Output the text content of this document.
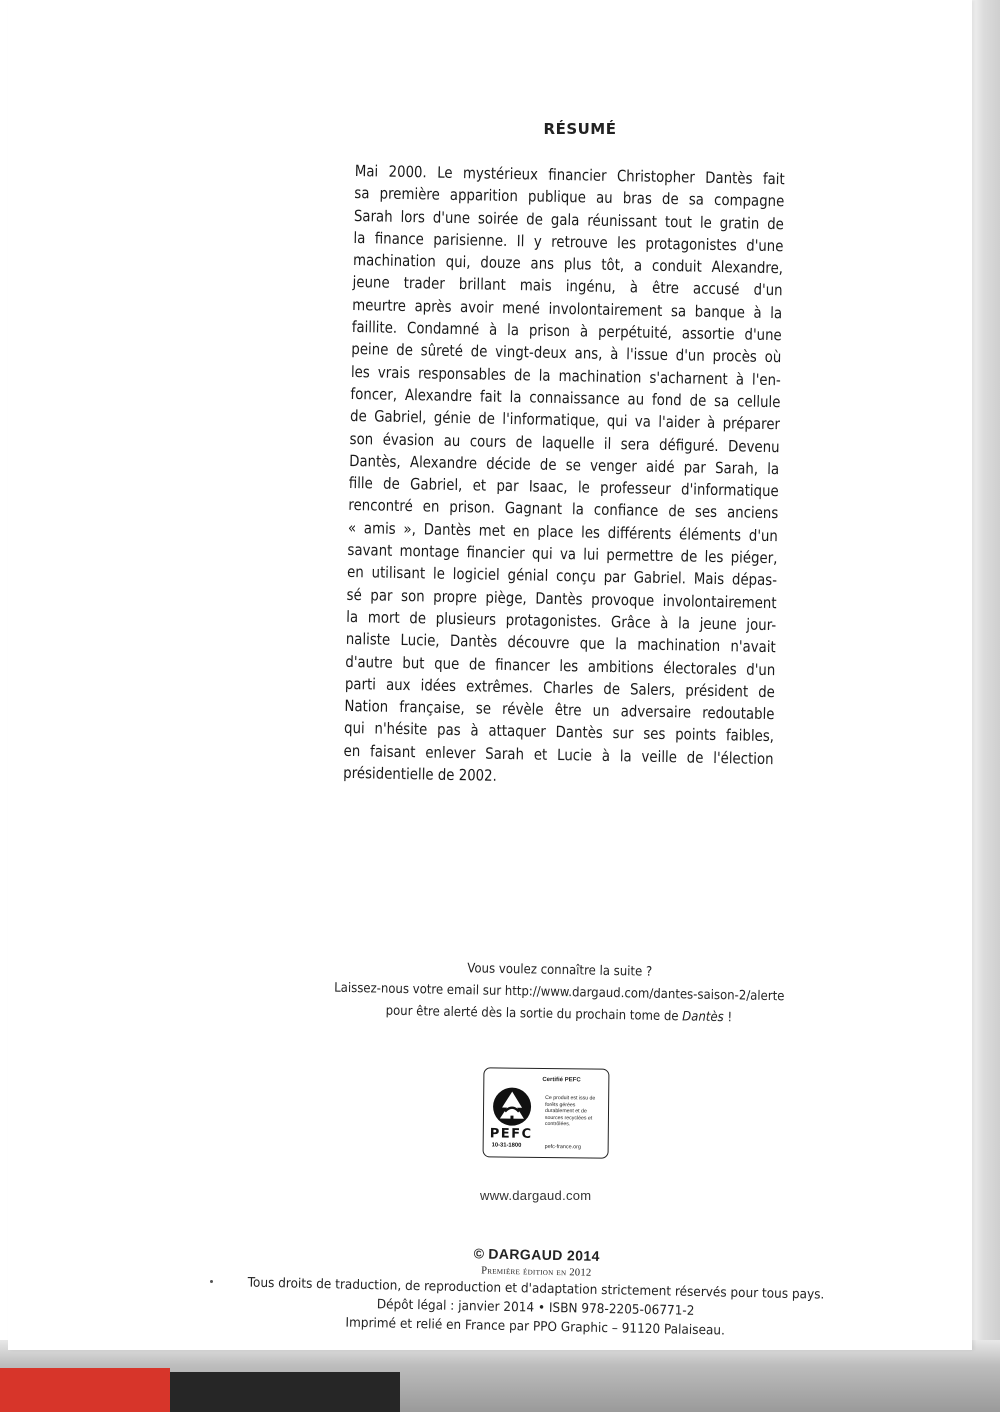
RÉSUMÉ
Mai 2000. Le mystérieux financier Christopher Dantès fait
sa première apparition publique au bras de sa compagne
Sarah lors d'une soirée de gala réunissant tout le gratin de
la finance parisienne. Il y retrouve les protagonistes d'une
machination qui, douze ans plus tôt, a conduit Alexandre,
jeune trader brillant mais ingénu, à être accusé d'un
meurtre après avoir mené involontairement sa banque à la
faillite. Condamné à la prison à perpétuité, assortie d'une
peine de sûreté de vingt-deux ans, à l'issue d'un procès où
les vrais responsables de la machination s'acharnent à l'en-
foncer, Alexandre fait la connaissance au fond de sa cellule
de Gabriel, génie de l'informatique, qui va l'aider à préparer
son évasion au cours de laquelle il sera défiguré. Devenu
Dantès, Alexandre décide de se venger aidé par Sarah, la
fille de Gabriel, et par Isaac, le professeur d'informatique
rencontré en prison. Gagnant la confiance de ses anciens
« amis », Dantès met en place les différents éléments d'un
savant montage financier qui va lui permettre de les piéger,
en utilisant le logiciel génial conçu par Gabriel. Mais dépas-
sé par son propre piège, Dantès provoque involontairement
la mort de plusieurs protagonistes. Grâce à la jeune jour-
naliste Lucie, Dantès découvre que la machination n'avait
d'autre but que de financer les ambitions électorales d'un
parti aux idées extrêmes. Charles de Salers, président de
Nation française, se révèle être un adversaire redoutable
qui n'hésite pas à attaquer Dantès sur ses points faibles,
en faisant enlever Sarah et Lucie à la veille de l'élection
présidentielle de 2002.
Vous voulez connaître la suite ?
Laissez-nous votre email sur http://www.dargaud.com/dantes-saison-2/alerte
pour être alerté dès la sortie du prochain tome de Dantès !
Certifié PEFC
PEFC
10-31-1800
Ce produit est issu de forêts gérées durablement et de sources recyclées et contrôlées.
pefc-france.org
www.dargaud.com
© DARGAUD 2014
Première édition en 2012
Tous droits de traduction, de reproduction et d'adaptation strictement réservés pour tous pays.
Dépôt légal : janvier 2014 • ISBN 978-2205-06771-2
Imprimé et relié en France par PPO Graphic – 91120 Palaiseau.
